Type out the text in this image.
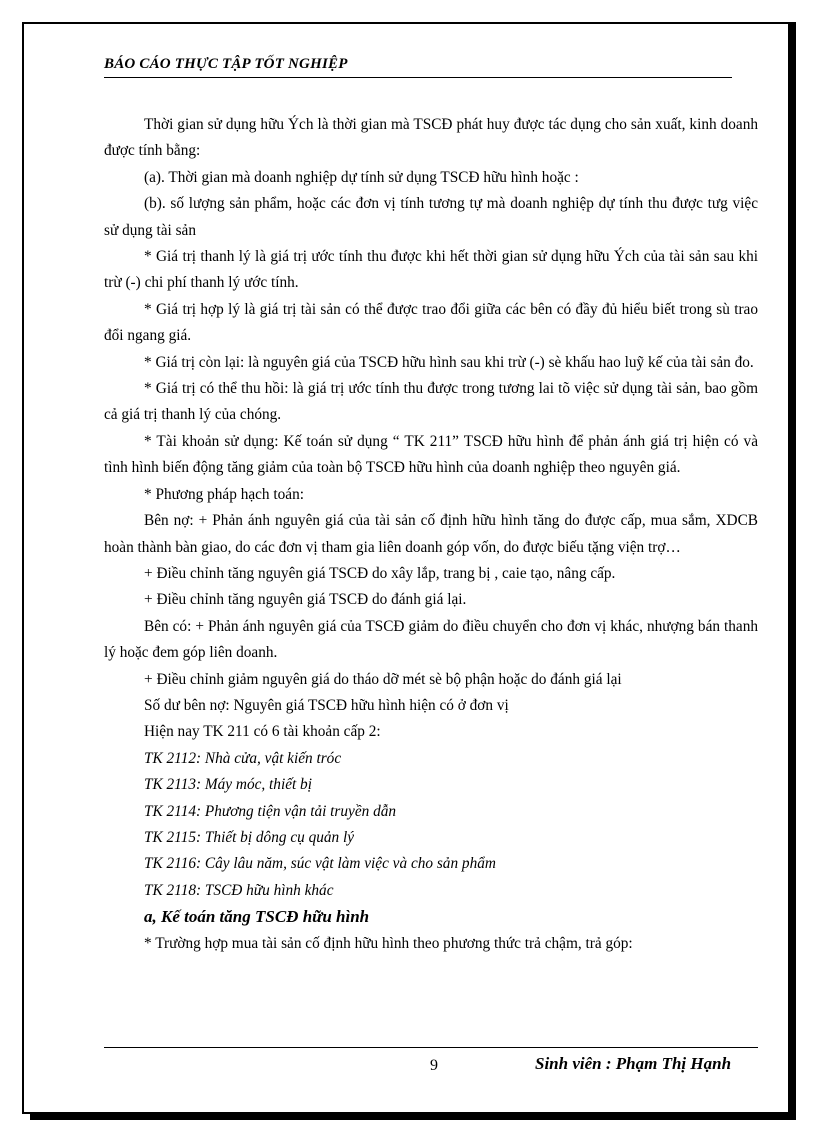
BÁO CÁO THỰC TẬP TỐT NGHIỆP

Thời gian sử dụng hữu Ých là thời gian mà TSCĐ phát huy được tác dụng cho sản xuất, kinh doanh được tính bằng:

(a). Thời gian mà doanh nghiệp dự tính sử dụng TSCĐ hữu hình hoặc :

(b). số lượng sản phẩm, hoặc các đơn vị tính tương tự mà doanh nghiệp dự tính thu được tưg việc sử dụng tài sản

* Giá trị thanh lý là giá trị ước tính thu được khi hết thời gian sử dụng hữu Ých của tài sản sau khi trừ (-) chi phí thanh lý ước tính.

* Giá trị hợp lý là giá trị tài sản có thể được trao đổi giữa các bên có đầy đủ hiểu biết trong sù trao đổi ngang giá.

* Giá trị còn lại: là nguyên giá của TSCĐ hữu hình sau khi trừ (-) sè khấu hao luỹ kế của tài sản đo.

* Giá trị có thể thu hồi: là giá trị ước tính thu được trong tương lai tõ việc sử dụng tài sản, bao gồm cả giá trị thanh lý của chóng.

* Tài khoản sử dụng: Kế toán sử dụng “ TK 211” TSCĐ hữu hình để phản ánh giá trị hiện có và tình hình biến động tăng giảm của toàn bộ TSCĐ hữu hình của doanh nghiệp theo nguyên giá.

* Phương pháp hạch toán:

Bên nợ: + Phản ánh nguyên giá của tài sản cố định hữu hình tăng do được cấp, mua sắm, XDCB hoàn thành bàn giao, do các đơn vị tham gia liên doanh góp vốn, do được biếu tặng viện trợ…

+ Điều chỉnh tăng nguyên giá TSCĐ do xây lắp, trang bị , caie tạo, nâng cấp.

+ Điều chỉnh tăng nguyên giá TSCĐ do đánh giá lại.

Bên có: + Phản ánh nguyên giá của TSCĐ giảm do điều chuyển cho đơn vị khác, nhượng bán thanh lý hoặc đem góp liên doanh.

+ Điều chỉnh giảm nguyên giá do tháo dỡ mét sè bộ phận hoặc do đánh giá lại

Số dư bên nợ: Nguyên giá TSCĐ hữu hình hiện có ở đơn vị

Hiện nay TK 211 có 6 tài khoản cấp 2:

TK 2112: Nhà cửa, vật kiến tróc

TK 2113: Máy móc, thiết bị

TK 2114: Phương tiện vận tải truyền dẫn

TK 2115: Thiết bị dông cụ quản lý

TK 2116: Cây lâu năm, súc vật làm việc và cho sản phẩm

TK 2118: TSCĐ hữu hình khác

a, Kế toán tăng TSCĐ hữu hình

* Trường hợp mua tài sản cố định hữu hình theo phương thức trả chậm, trả góp:

9	Sinh viên : Phạm Thị Hạnh
